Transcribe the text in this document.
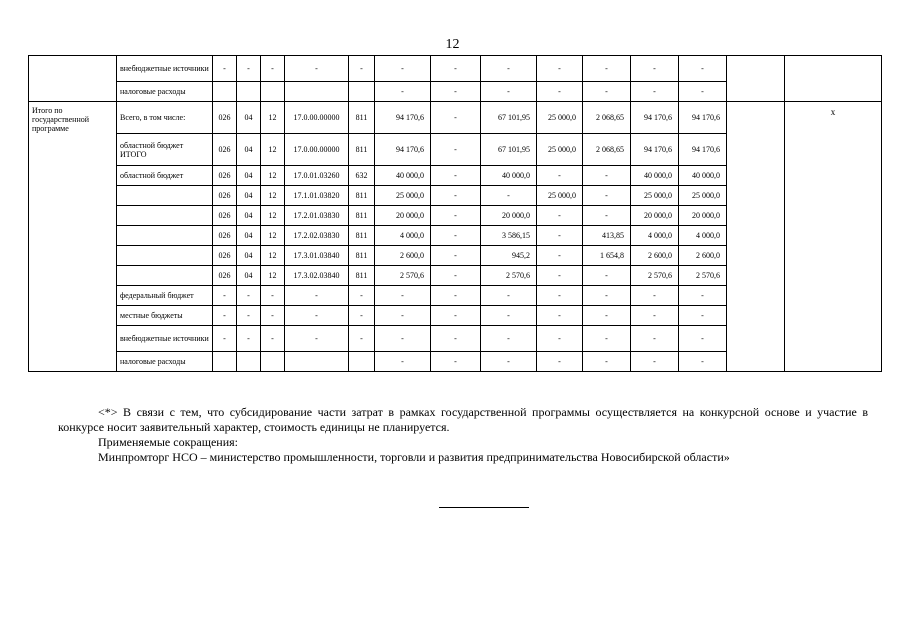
12
	внебюджетные источники	-	-	-	-	-	-	-	-	-	-	-	-		
	налоговые расходы						-	-	-	-	-	-	-		
Итого по государственной программе	Всего, в том числе:	026	04	12	17.0.00.00000	811	94 170,6	-	67 101,95	25 000,0	2 068,65	94 170,6	94 170,6		x
	областной бюджет ИТОГО	026	04	12	17.0.00.00000	811	94 170,6	-	67 101,95	25 000,0	2 068,65	94 170,6	94 170,6		
	областной бюджет	026	04	12	17.0.01.03260	632	40 000,0	-	40 000,0	-	-	40 000,0	40 000,0		
		026	04	12	17.1.01.03820	811	25 000,0	-	-	25 000,0	-	25 000,0	25 000,0		
		026	04	12	17.2.01.03830	811	20 000,0	-	20 000,0	-	-	20 000,0	20 000,0		
		026	04	12	17.2.02.03830	811	4 000,0	-	3 586,15	-	413,85	4 000,0	4 000,0		
		026	04	12	17.3.01.03840	811	2 600,0	-	945,2	-	1 654,8	2 600,0	2 600,0		
		026	04	12	17.3.02.03840	811	2 570,6	-	2 570,6	-	-	2 570,6	2 570,6		
	федеральный бюджет	-	-	-	-	-	-	-	-	-	-	-	-		
	местные бюджеты	-	-	-	-	-	-	-	-	-	-	-	-		
	внебюджетные источники	-	-	-	-	-	-	-	-	-	-	-	-		
	налоговые расходы						-	-	-	-	-	-	-		

<*> В связи с тем, что субсидирование части затрат в рамках государственной программы осуществляется на конкурсной основе и участие в конкурсе носит заявительный характер, стоимость единицы не планируется.

Применяемые сокращения:

Минпромторг НСО – министерство промышленности, торговли и развития предпринимательства Новосибирской области»
